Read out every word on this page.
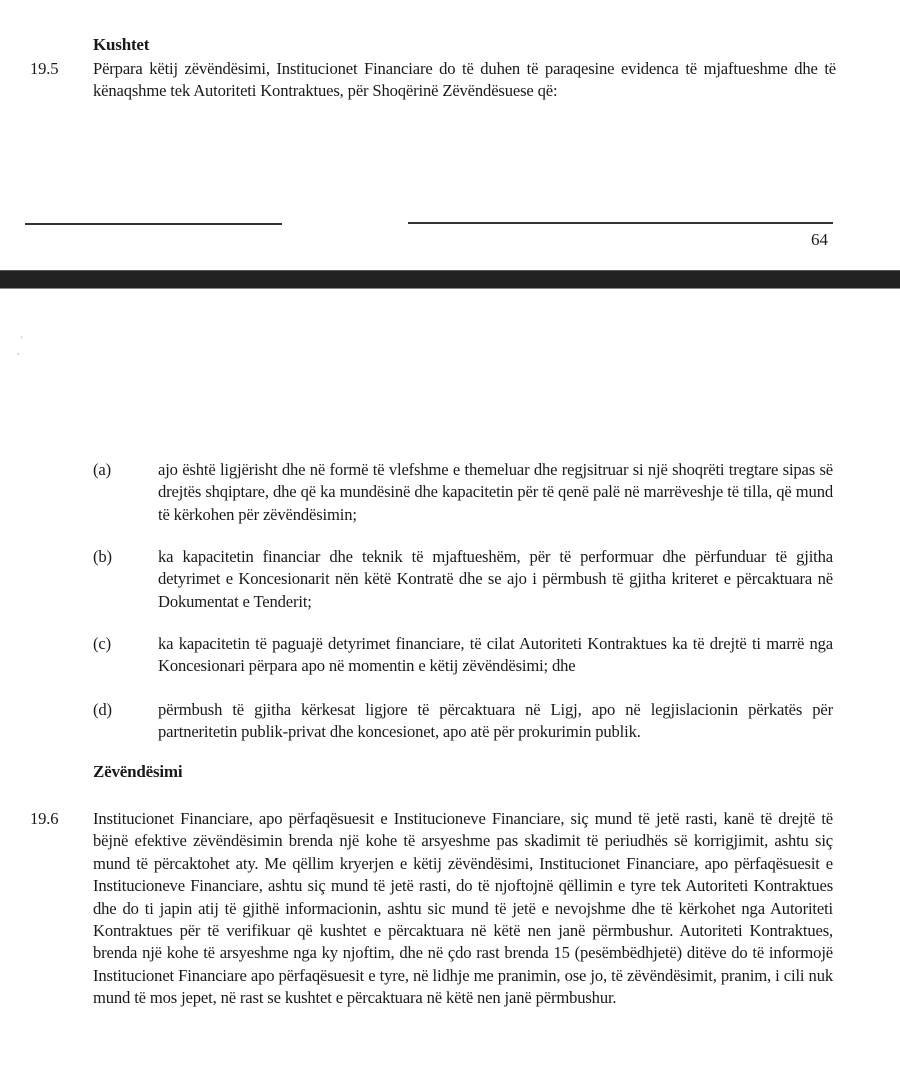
Kushtet
19.5 Përpara këtij zëvëndësimi, Institucionet Financiare do të duhen të paraqesine evidenca të mjaftueshme dhe të kënaqshme tek Autoriteti Kontraktues, për Shoqërinë Zëvëndësuese që:
64
'
,
(a)	ajo është ligjërisht dhe në formë të vlefshme e themeluar dhe regjsitruar si një shoqrëti tregtare sipas së drejtës shqiptare, dhe që ka mundësinë dhe kapacitetin për të qenë palë në marrëveshje të tilla, që mund të kërkohen për zëvëndësimin;
(b)	ka kapacitetin financiar dhe teknik të mjaftueshëm, për të performuar dhe përfunduar të gjitha detyrimet e Koncesionarit nën këtë Kontratë dhe se ajo i përmbush të gjitha kriteret e përcaktuara në Dokumentat e Tenderit;
(c)	ka kapacitetin të paguajë detyrimet financiare, të cilat Autoriteti Kontraktues ka të drejtë ti marrë nga Koncesionari përpara apo në momentin e këtij zëvëndësimi; dhe
(d)	përmbush të gjitha kërkesat ligjore të përcaktuara në Ligj, apo në legjislacionin përkatës për partneritetin publik-privat dhe koncesionet, apo atë për prokurimin publik.
Zëvëndësimi
19.6 Institucionet Financiare, apo përfaqësuesit e Institucioneve Financiare, siç mund të jetë rasti, kanë të drejtë të bëjnë efektive zëvëndësimin brenda një kohe të arsyeshme pas skadimit të periudhës së korrigjimit, ashtu siç mund të përcaktohet aty. Me qëllim kryerjen e këtij zëvëndësimi, Institucionet Financiare, apo përfaqësuesit e Institucioneve Financiare, ashtu siç mund të jetë rasti, do të njoftojnë qëllimin e tyre tek Autoriteti Kontraktues dhe do ti japin atij të gjithë informacionin, ashtu sic mund të jetë e nevojshme dhe të kërkohet nga Autoriteti Kontraktues për të verifikuar që kushtet e përcaktuara në këtë nen janë përmbushur. Autoriteti Kontraktues, brenda një kohe të arsyeshme nga ky njoftim, dhe në çdo rast brenda 15 (pesëmbëdhjetë) ditëve do të informojë Institucionet Financiare apo përfaqësuesit e tyre, në lidhje me pranimin, ose jo, të zëvëndësimit, pranim, i cili nuk mund të mos jepet, në rast se kushtet e përcaktuara në këtë nen janë përmbushur.
